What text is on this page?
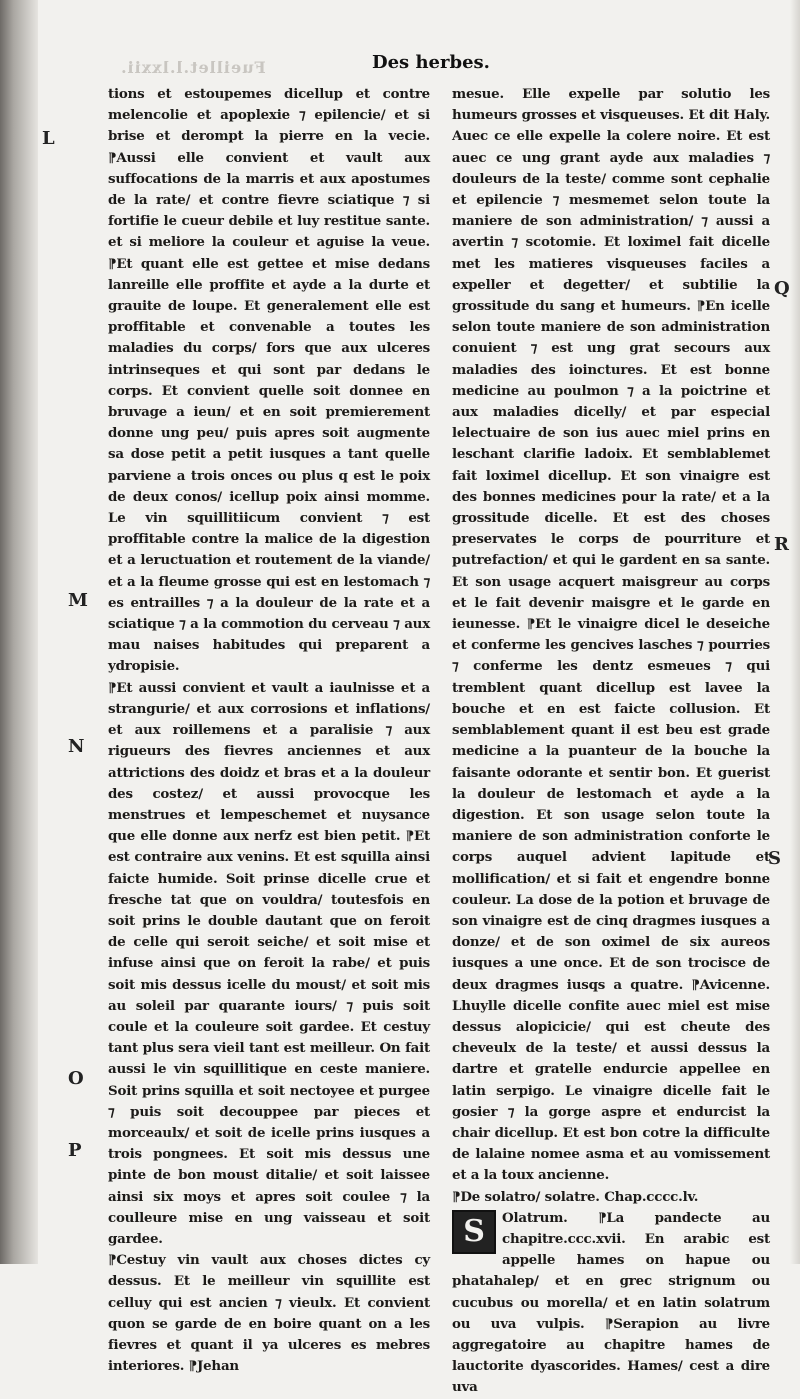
Fueillet.l.lxxii.	Des herbes.
L
M
N
O
P
Q
R
S

tions et estoupemes dicellup et contre melencolie et apoplexie ⁊ epilencie/ et si brise et derompt la pierre en la vecie. ⁋Aussi elle convient et vault aux suffocations de la marris et aux apostumes de la rate/ et contre fievre sciatique ⁊ si fortifie le cueur debile et luy restitue sante. et si meliore la couleur et aguise la veue. ⁋Et quant elle est gettee et mise dedans lanreille elle proffite et ayde a la durte et grauite de loupe. Et generalement elle est proffitable et convenable a toutes les maladies du corps/ fors que aux ulceres intrinseques et qui sont par dedans le corps. Et convient quelle soit donnee en bruvage a ieun/ et en soit premierement donne ung peu/ puis apres soit augmente sa dose petit a petit iusques a tant quelle parviene a trois onces ou plus q est le poix de deux conos/ icellup poix ainsi momme. Le vin squillitiicum convient ⁊ est proffitable contre la malice de la digestion et a leructuation et routement de la viande/ et a la fleume grosse qui est en lestomach ⁊ es entrailles ⁊ a la douleur de la rate et a sciatique ⁊ a la commotion du cerveau ⁊ aux mau naises habitudes qui preparent a ydropisie.

⁋Et aussi convient et vault a iaulnisse et a strangurie/ et aux corrosions et inflations/ et aux roillemens et a paralisie ⁊ aux rigueurs des fievres anciennes et aux attrictions des doidz et bras et a la douleur des costez/ et aussi provocque les menstrues et lempeschemet et nuysance que elle donne aux nerfz est bien petit. ⁋Et est contraire aux venins. Et est squilla ainsi faicte humide. Soit prinse dicelle crue et fresche tat que on vouldra/ toutesfois en soit prins le double dautant que on feroit de celle qui seroit seiche/ et soit mise et infuse ainsi que on feroit la rabe/ et puis soit mis dessus icelle du moust/ et soit mis au soleil par quarante iours/ ⁊ puis soit coule et la couleure soit gardee. Et cestuy tant plus sera vieil tant est meilleur. On fait aussi le vin squillitique en ceste maniere. Soit prins squilla et soit nectoyee et purgee ⁊ puis soit decouppee par pieces et morceaulx/ et soit de icelle prins iusques a trois pongnees. Et soit mis dessus une pinte de bon moust ditalie/ et soit laissee ainsi six moys et apres soit coulee ⁊ la coulleure mise en ung vaisseau et soit gardee.

⁋Cestuy vin vault aux choses dictes cy dessus. Et le meilleur vin squillite est celluy qui est ancien ⁊ vieulx. Et convient quon se garde de en boire quant on a les fievres et quant il ya ulceres es mebres interiores. ⁋Jehan

mesue. Elle expelle par solutio les humeurs grosses et visqueuses. Et dit Haly. Auec ce elle expelle la colere noire. Et est auec ce ung grant ayde aux maladies ⁊ douleurs de la teste/ comme sont cephalie et epilencie ⁊ mesmemet selon toute la maniere de son administration/ ⁊ aussi a avertin ⁊ scotomie. Et loximel fait dicelle met les matieres visqueuses faciles a expeller et degetter/ et subtilie la grossitude du sang et humeurs. ⁋En icelle selon toute maniere de son administration conuient ⁊ est ung grat secours aux maladies des ioinctures. Et est bonne medicine au poulmon ⁊ a la poictrine et aux maladies dicelly/ et par especial lelectuaire de son ius auec miel prins en leschant clarifie ladoix. Et semblablemet fait loximel dicellup. Et son vinaigre est des bonnes medicines pour la rate/ et a la grossitude dicelle. Et est des choses preservates le corps de pourriture et putrefaction/ et qui le gardent en sa sante. Et son usage acquert maisgreur au corps et le fait devenir maisgre et le garde en ieunesse. ⁋Et le vinaigre dicel le deseiche et conferme les gencives lasches ⁊ pourries ⁊ conferme les dentz esmeues ⁊ qui tremblent quant dicellup est lavee la bouche et en est faicte collusion. Et semblablement quant il est beu est grade medicine a la puanteur de la bouche la faisante odorante et sentir bon. Et guerist la douleur de lestomach et ayde a la digestion. Et son usage selon toute la maniere de son administration conforte le corps auquel advient lapitude et mollification/ et si fait et engendre bonne couleur. La dose de la potion et bruvage de son vinaigre est de cinq dragmes iusques a donze/ et de son oximel de six aureos iusques a une once. Et de son trocisce de deux dragmes iusqs a quatre. ⁋Avicenne. Lhuylle dicelle confite auec miel est mise dessus alopicicie/ qui est cheute des cheveulx de la teste/ et aussi dessus la dartre et gratelle endurcie appellee en latin serpigo. Le vinaigre dicelle fait le gosier ⁊ la gorge aspre et endurcist la chair dicellup. Et est bon cotre la difficulte de lalaine nomee asma et au vomissement et a la toux ancienne.

⁋De solatro/ solatre. Chap.cccc.lv.

S	Olatrum. ⁋La pandecte au chapitre.ccc.xvii. En arabic est appelle hames on hapue ou phatahalep/ et en grec strignum ou cucubus ou morella/ et en latin solatrum ou uva vulpis. ⁋Serapion au livre aggregatoire au chapitre hames de lauctorite dyascorides. Hames/ cest a dire uva
